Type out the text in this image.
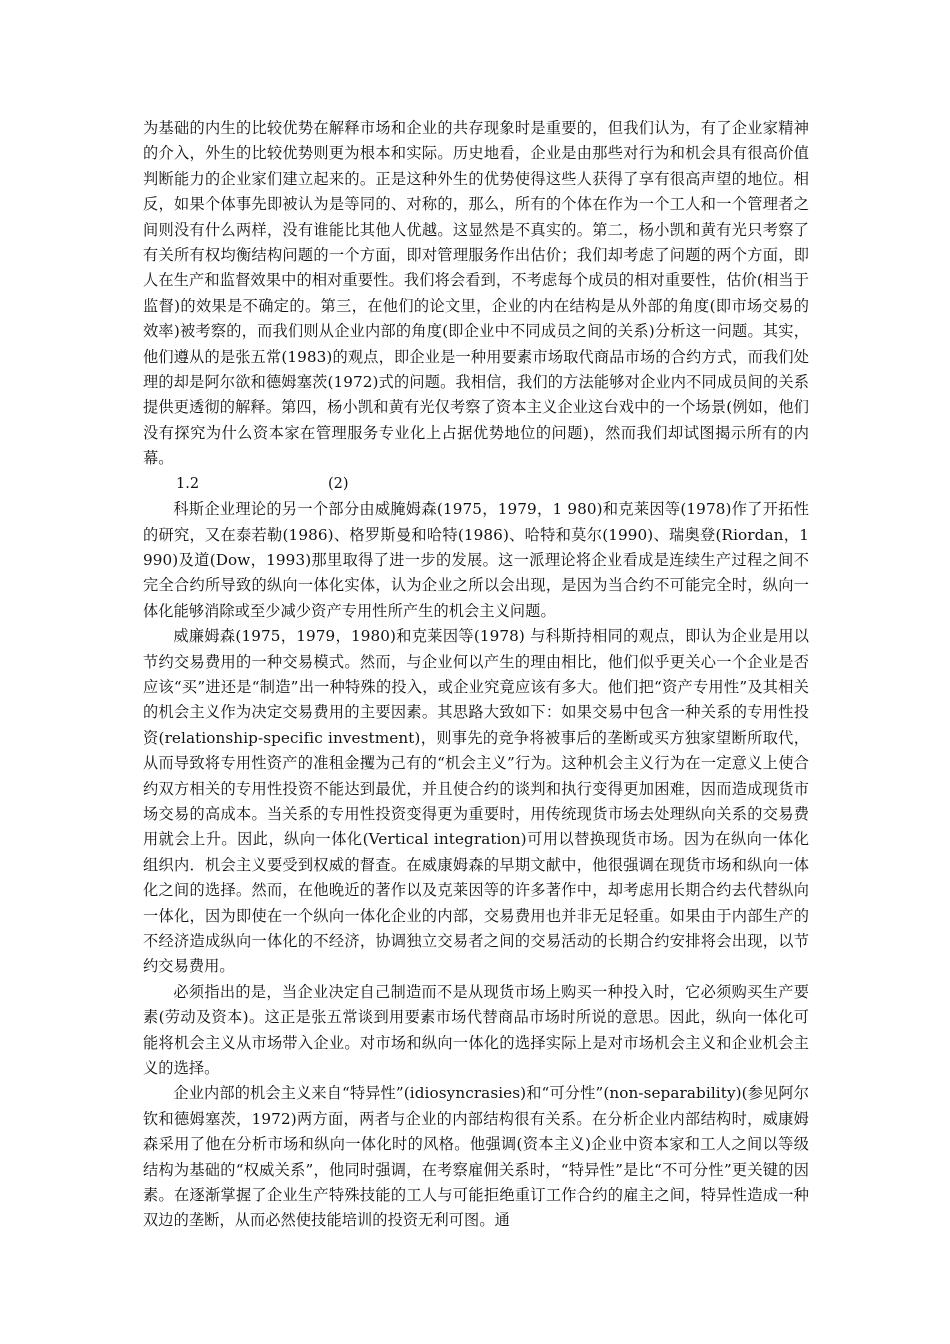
为基础的内生的比较优势在解释市场和企业的共存现象时是重要的，但我们认为，有了企业家精神的介入，外生的比较优势则更为根本和实际。历史地看，企业是由那些对行为和机会具有很高价值判断能力的企业家们建立起来的。正是这种外生的优势使得这些人获得了享有很高声望的地位。相反，如果个体事先即被认为是等同的、对称的，那么，所有的个体在作为一个工人和一个管理者之间则没有什么两样，没有谁能比其他人优越。这显然是不真实的。第二，杨小凯和黄有光只考察了有关所有权均衡结构问题的一个方面，即对管理服务作出估价；我们却考虑了问题的两个方面，即人在生产和监督效果中的相对重要性。我们将会看到，不考虑每个成员的相对重要性，估价(相当于监督)的效果是不确定的。第三，在他们的论文里，企业的内在结构是从外部的角度(即市场交易的效率)被考察的，而我们则从企业内部的角度(即企业中不同成员之间的关系)分析这一问题。其实，他们遵从的是张五常(1983)的观点，即企业是一种用要素市场取代商品市场的合约方式，而我们处理的却是阿尔欲和德姆塞茨(1972)式的问题。我相信，我们的方法能够对企业内不同成员间的关系提供更透彻的解释。第四，杨小凯和黄有光仅考察了资本主义企业这台戏中的一个场景(例如，他们没有探究为什么资本家在管理服务专业化上占据优势地位的问题)，然而我们却试图揭示所有的内幕。

1.2	(2)

科斯企业理论的另一个部分由威腌姆森(1975，1979，1 980)和克莱因等(1978)作了开拓性的研究，又在泰若勒(1986)、格罗斯曼和哈特(1986)、哈特和莫尔(1990)、瑞奥登(Riordan，1990)及道(Dow，1993)那里取得了进一步的发展。这一派理论将企业看成是连续生产过程之间不完全合约所导致的纵向一体化实体，认为企业之所以会出现，是因为当合约不可能完全时，纵向一体化能够消除或至少减少资产专用性所产生的机会主义问题。

威廉姆森(1975，1979，1980)和克莱因等(1978) 与科斯持相同的观点，即认为企业是用以节约交易费用的一种交易模式。然而，与企业何以产生的理由相比，他们似乎更关心一个企业是否应该“买”进还是“制造”出一种特殊的投入，或企业究竟应该有多大。他们把“资产专用性”及其相关的机会主义作为决定交易费用的主要因素。其思路大致如下：如果交易中包含一种关系的专用性投资(relationship-specific investment)，则事先的竞争将被事后的垄断或买方独家望断所取代，从而导致将专用性资产的准租金攫为己有的“机会主义”行为。这种机会主义行为在一定意义上使合约双方相关的专用性投资不能达到最优，并且使合约的谈判和执行变得更加困难，因而造成现货市场交易的高成本。当关系的专用性投资变得更为重要时，用传统现货市场去处理纵向关系的交易费用就会上升。因此，纵向一体化(Vertical integration)可用以替换现货市场。因为在纵向一体化组织内．机会主义要受到权威的督查。在威康姆森的早期文献中，他很强调在现货市场和纵向一体化之间的选择。然而，在他晚近的著作以及克莱因等的许多著作中，却考虑用长期合约去代替纵向一体化，因为即使在一个纵向一体化企业的内部，交易费用也并非无足轻重。如果由于内部生产的不经济造成纵向一体化的不经济，协调独立交易者之间的交易活动的长期合约安排将会出现，以节约交易费用。

必须指出的是，当企业决定自己制造而不是从现货市场上购买一种投入时，它必须购买生产要素(劳动及资本)。这正是张五常谈到用要素市场代替商品市场时所说的意思。因此，纵向一体化可能将机会主义从市场带入企业。对市场和纵向一体化的选择实际上是对市场机会主义和企业机会主义的选择。

企业内部的机会主义来自“特异性”(idiosyncrasies)和“可分性”(non-separability)(参见阿尔钦和德姆塞茨，1972)两方面，两者与企业的内部结构很有关系。在分析企业内部结构时，威康姆森采用了他在分析市场和纵向一体化时的风格。他强调(资本主义)企业中资本家和工人之间以等级结构为基础的“权威关系”，他同时强调，在考察雇佣关系时，“特异性”是比“不可分性”更关键的因素。在逐渐掌握了企业生产特殊技能的工人与可能拒绝重订工作合约的雇主之间，特异性造成一种双边的垄断，从而必然使技能培训的投资无利可图。通
